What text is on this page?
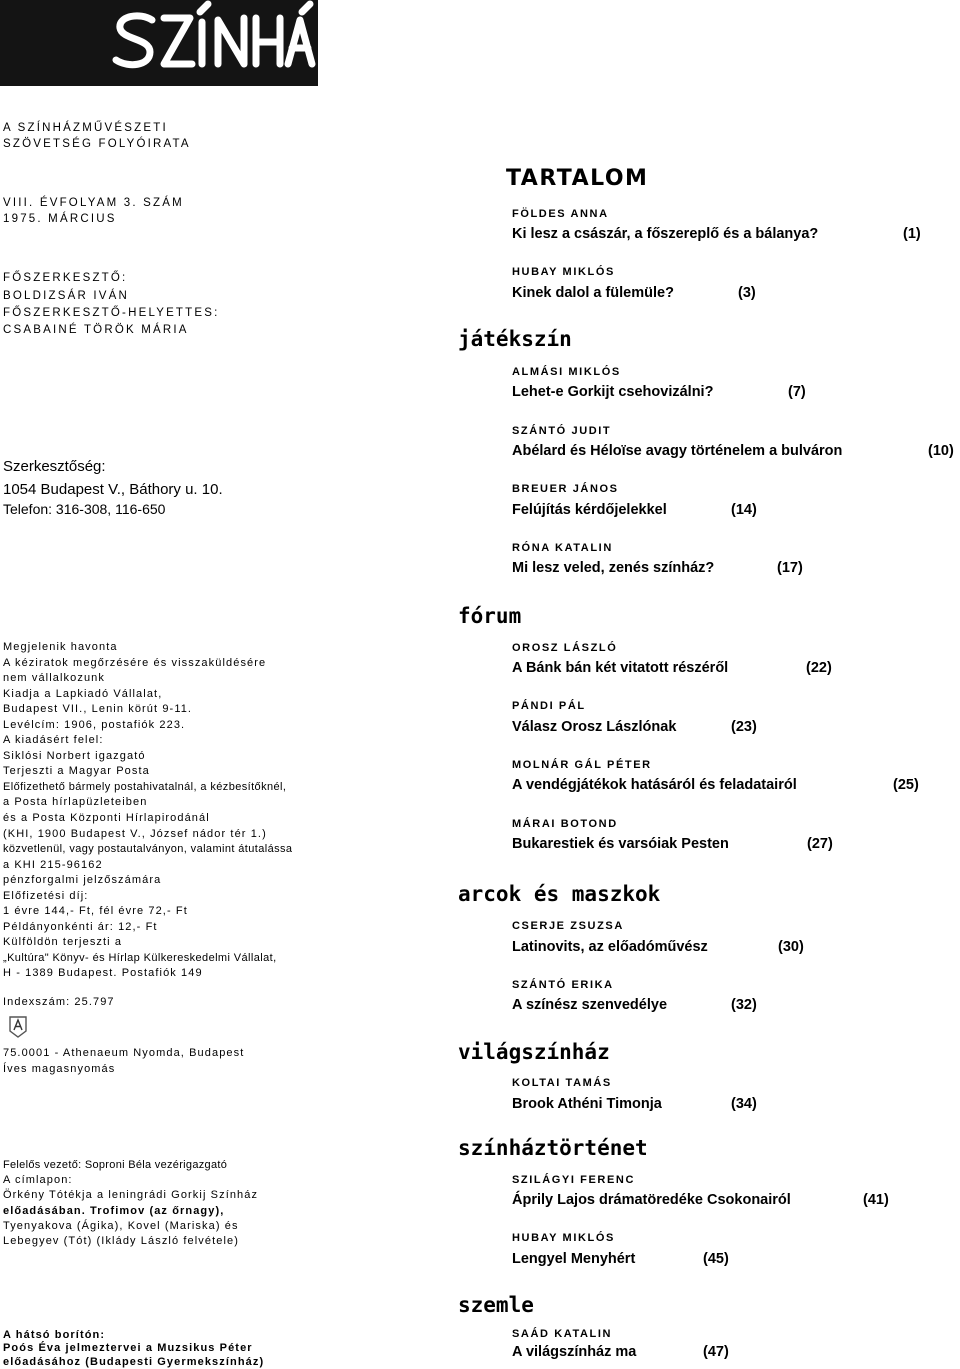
SZÍNHÁZ
A SZÍNHÁZMŰVÉSZETI
SZÖVETSÉG FOLYÓIRATA
VIII. ÉVFOLYAM 3. SZÁM
1975. MÁRCIUS
FŐSZERKESZTŐ:
BOLDIZSÁR IVÁN
FŐSZERKESZTŐ-HELYETTES:
CSABAINÉ TÖRÖK MÁRIA
Szerkesztőség:
1054 Budapest V., Báthory u. 10.
Telefon: 316-308, 116-650
Megjelenik havonta
A kéziratok megőrzésére és visszaküldésére
nem vállalkozunk
Kiadja a Lapkiadó Vállalat,
Budapest VII., Lenin körút 9-11.
Levélcím: 1906, postafiók 223.
A kiadásért felel:
Siklósi Norbert igazgató
Terjeszti a Magyar Posta
Előfizethető bármely postahivatalnál, a kézbesítőknél,
a Posta hírlapüzleteiben
és a Posta Központi Hírlapirodánál
(KHI, 1900 Budapest V., József nádor tér 1.)
közvetlenül, vagy postautalványon, valamint átutalássa
a KHI 215-96162
pénzforgalmi jelzőszámára
Előfizetési díj:
1 évre 144,- Ft, fél évre 72,- Ft
Példányonkénti ár: 12,- Ft
Külföldön terjeszti a
„Kultúra" Könyv- és Hírlap Külkereskedelmi Vállalat,
H - 1389 Budapest. Postafiók 149
Indexszám: 25.797
75.0001 - Athenaeum Nyomda, Budapest
Íves magasnyomás
Felelős vezető: Soproni Béla vezérigazgató
A címlapon:
Örkény Tótékja a leningrádi Gorkij Színház
előadásában. Trofimov (az őrnagy),
Tyenyakova (Ágika), Kovel (Mariska) és
Lebegyev (Tót) (Iklády László felvétele)
A hátsó borítón:
Poós Éva jelmeztervei a Muzsikus Péter
előadásához (Budapesti Gyermekszínház)
TARTALOM
játékszín
fórum
arcok és maszkok
világszínház
színháztörténet
szemle
FÖLDES ANNA
Ki lesz a császár, a főszereplő és a bálanya?	(1)
HUBAY MIKLÓS
Kinek dalol a fülemüle?	(3)
ALMÁSI MIKLÓS
Lehet-e Gorkijt csehovizálni?	(7)
SZÁNTÓ JUDIT
Abélard és Héloïse avagy történelem a bulváron	(10)
BREUER JÁNOS
Felújítás kérdőjelekkel	(14)
RÓNA KATALIN
Mi lesz veled, zenés színház?	(17)
OROSZ LÁSZLÓ
A Bánk bán két vitatott részéről	(22)
PÁNDI PÁL
Válasz Orosz Lászlónak	(23)
MOLNÁR GÁL PÉTER
A vendégjátékok hatásáról és feladatairól	(25)
MÁRAI BOTOND
Bukarestiek és varsóiak Pesten	(27)
CSERJE ZSUZSA
Latinovits, az előadóművész	(30)
SZÁNTÓ ERIKA
A színész szenvedélye	(32)
KOLTAI TAMÁS
Brook Athéni Timonja	(34)
SZILÁGYI FERENC
Áprily Lajos drámatöredéke Csokonairól	(41)
HUBAY MIKLÓS
Lengyel Menyhért	(45)
SAÁD KATALIN
A világszínház ma	(47)
